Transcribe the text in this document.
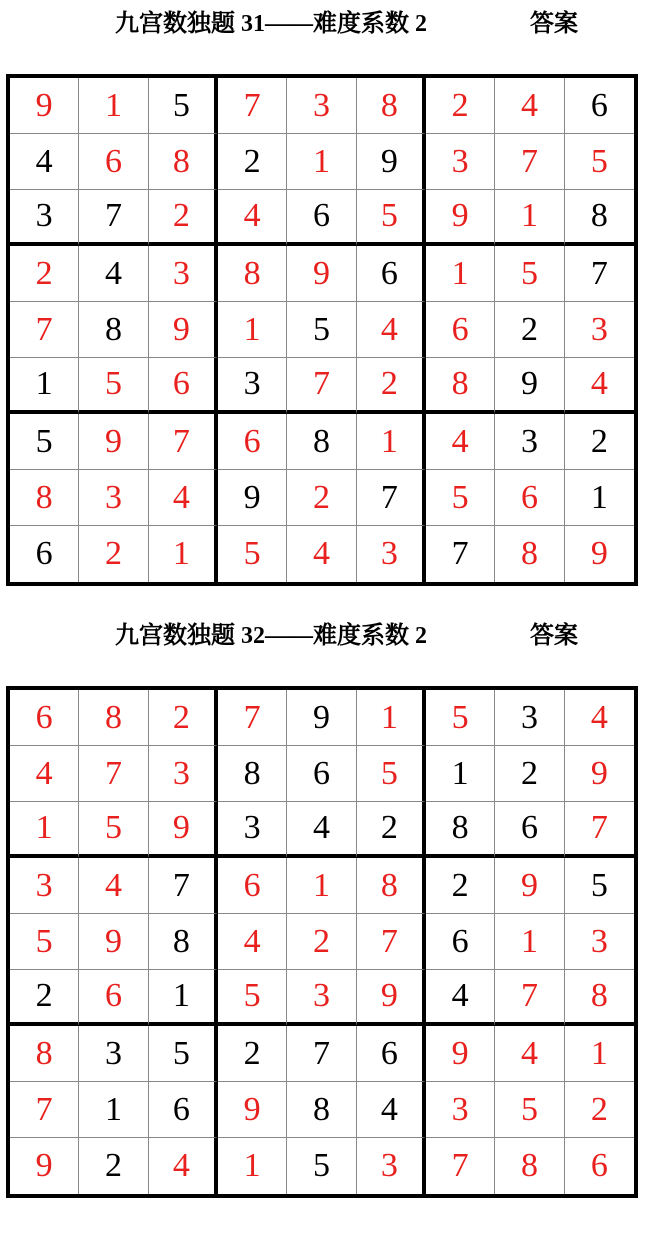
九宫数独题 31——难度系数 2

	答案

9	1	5	7	3	8	2	4	6
4	6	8	2	1	9	3	7	5
3	7	2	4	6	5	9	1	8
2	4	3	8	9	6	1	5	7
7	8	9	1	5	4	6	2	3
1	5	6	3	7	2	8	9	4
5	9	7	6	8	1	4	3	2
8	3	4	9	2	7	5	6	1
6	2	1	5	4	3	7	8	9

九宫数独题 32——难度系数 2

	答案

6	8	2	7	9	1	5	3	4
4	7	3	8	6	5	1	2	9
1	5	9	3	4	2	8	6	7
3	4	7	6	1	8	2	9	5
5	9	8	4	2	7	6	1	3
2	6	1	5	3	9	4	7	8
8	3	5	2	7	6	9	4	1
7	1	6	9	8	4	3	5	2
9	2	4	1	5	3	7	8	6
